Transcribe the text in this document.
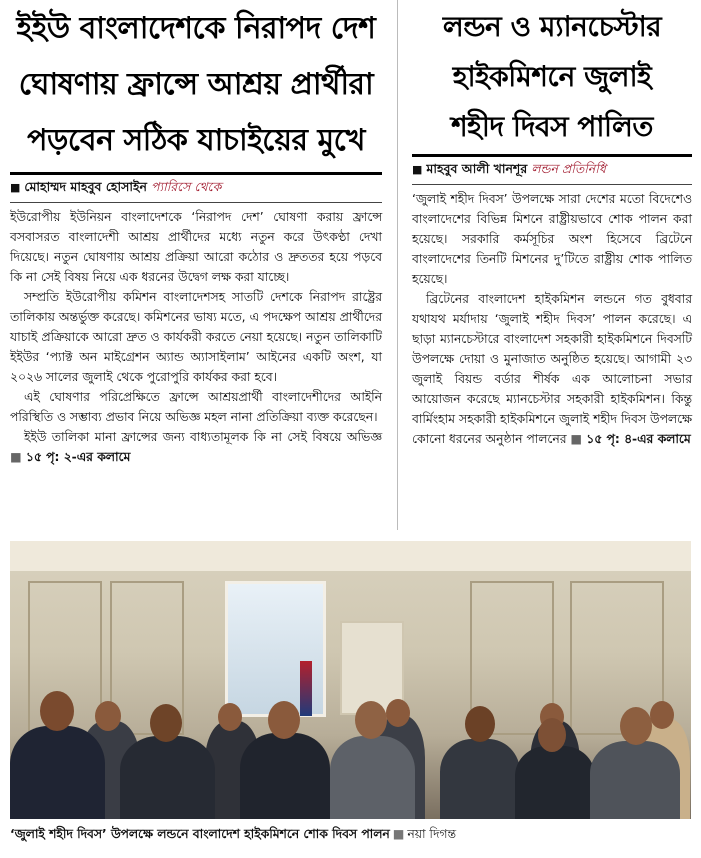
ইইউ বাংলাদেশকে নিরাপদ দেশ

ঘোষণায় ফ্রান্সে আশ্রয় প্রার্থীরা

পড়বেন সঠিক যাচাইয়ের মুখে

■ মোহাম্মদ মাহবুব হোসাইন প্যারিসে থেকে

ইউরোপীয় ইউনিয়ন বাংলাদেশকে ‘নিরাপদ দেশ’ ঘোষণা করায় ফ্রান্সে বসবাসরত বাংলাদেশী আশ্রয় প্রার্থীদের মধ্যে নতুন করে উৎকণ্ঠা দেখা দিয়েছে। নতুন ঘোষণায় আশ্রয় প্রক্রিয়া আরো কঠোর ও দ্রুততর হয়ে পড়বে কি না সেই বিষয় নিয়ে এক ধরনের উদ্বেগ লক্ষ করা যাচ্ছে।

সম্প্রতি ইউরোপীয় কমিশন বাংলাদেশসহ সাতটি দেশকে নিরাপদ রাষ্ট্রের তালিকায় অন্তর্ভুক্ত করেছে। কমিশনের ভাষ্য মতে, এ পদক্ষেপ আশ্রয় প্রার্থীদের যাচাই প্রক্রিয়াকে আরো দ্রুত ও কার্যকরী করতে নেয়া হয়েছে। নতুন তালিকাটি ইইউর ‘প্যাক্ট অন মাইগ্রেশন অ্যান্ড অ্যাসাইলাম’ আইনের একটি অংশ, যা ২০২৬ সালের জুলাই থেকে পুরোপুরি কার্যকর করা হবে।

এই ঘোষণার পরিপ্রেক্ষিতে ফ্রান্সে আশ্রয়প্রার্থী বাংলাদেশীদের আইনি পরিস্থিতি ও সম্ভাব্য প্রভাব নিয়ে অভিজ্ঞ মহল নানা প্রতিক্রিয়া ব্যক্ত করেছেন।

ইইউ তালিকা মানা ফ্রান্সের জন্য বাধ্যতামূলক কি না সেই বিষয়ে অভিজ্ঞ ■ ১৫ পৃ: ২-এর কলামে

লন্ডন ও ম্যানচেস্টার

হাইকমিশনে জুলাই

শহীদ দিবস পালিত

■ মাহবুব আলী খানশূর লন্ডন প্রতিনিধি

‘জুলাই শহীদ দিবস’ উপলক্ষে সারা দেশের মতো বিদেশেও বাংলাদেশের বিভিন্ন মিশনে রাষ্ট্রীয়ভাবে শোক পালন করা হয়েছে। সরকারি কর্মসূচির অংশ হিসেবে ব্রিটেনে বাংলাদেশের তিনটি মিশনের দু’টিতে রাষ্ট্রীয় শোক পালিত হয়েছে।

ব্রিটেনের বাংলাদেশ হাইকমিশন লন্ডনে গত বুধবার যথাযথ মর্যাদায় ‘জুলাই শহীদ দিবস’ পালন করেছে। এ ছাড়া ম্যানচেস্টারে বাংলাদেশ সহকারী হাইকমিশনে দিবসটি উপলক্ষে দোয়া ও মুনাজাত অনুষ্ঠিত হয়েছে। আগামী ২৩ জুলাই বিয়ন্ড বর্ডার শীর্ষক এক আলোচনা সভার আয়োজন করেছে ম্যানচেস্টার সহকারী হাইকমিশন। কিন্তু বার্মিংহাম সহকারী হাইকমিশনে জুলাই শহীদ দিবস উপলক্ষে কোনো ধরনের অনুষ্ঠান পালনের ■ ১৫ পৃ: ৪-এর কলামে

‘জুলাই শহীদ দিবস’ উপলক্ষে লন্ডনে বাংলাদেশ হাইকমিশনে শোক দিবস পালন ■ নয়া দিগন্ত
